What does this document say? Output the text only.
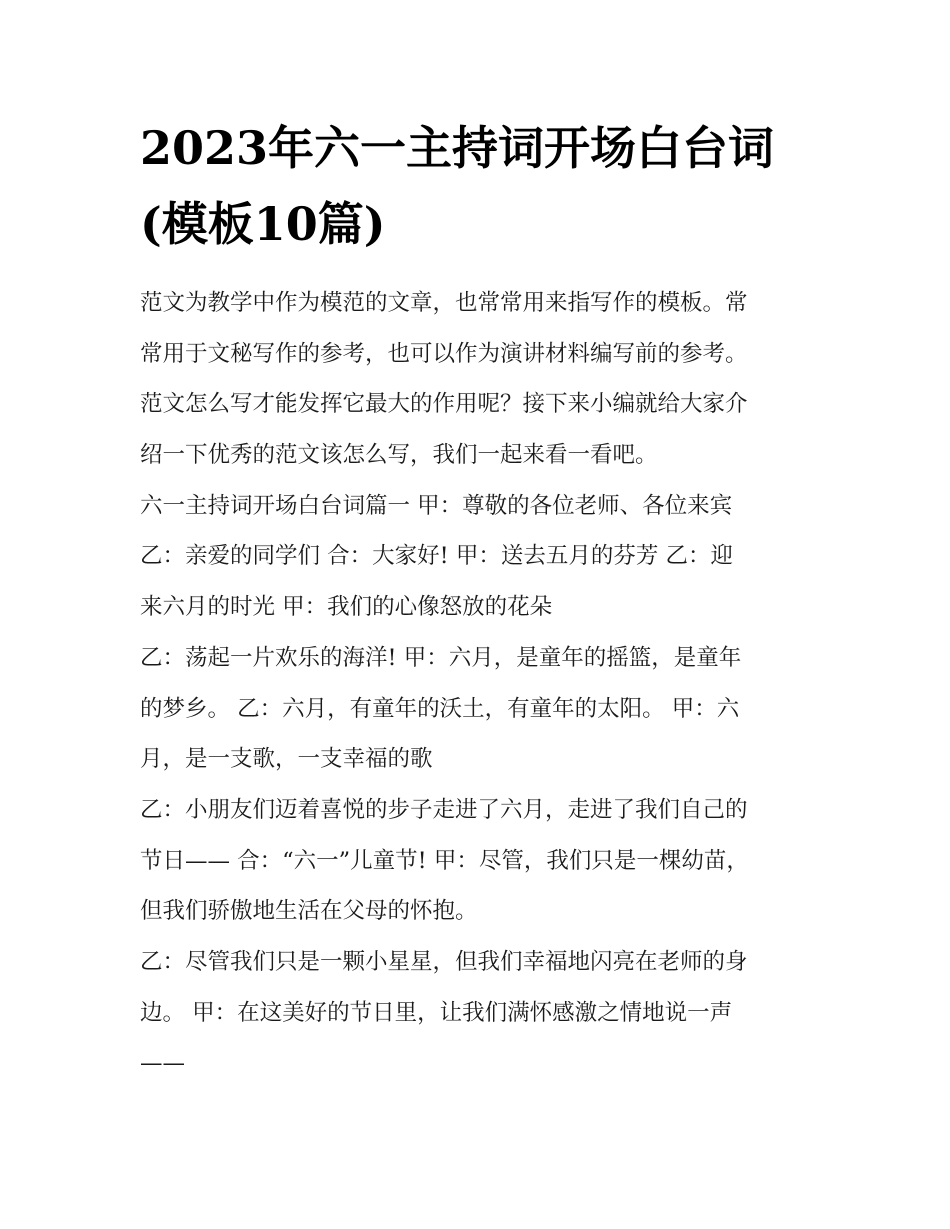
2023年六一主持词开场白台词
(模板10篇)
范文为教学中作为模范的文章，也常常用来指写作的模板。常
常用于文秘写作的参考，也可以作为演讲材料编写前的参考。
范文怎么写才能发挥它最大的作用呢？接下来小编就给大家介
绍一下优秀的范文该怎么写，我们一起来看一看吧。
六一主持词开场白台词篇一 甲：尊敬的各位老师、各位来宾
乙：亲爱的同学们 合：大家好! 甲：送去五月的芬芳 乙：迎
来六月的时光 甲：我们的心像怒放的花朵
乙：荡起一片欢乐的海洋! 甲：六月，是童年的摇篮，是童年
的梦乡。 乙：六月，有童年的沃土，有童年的太阳。 甲：六
月，是一支歌，一支幸福的歌
乙：小朋友们迈着喜悦的步子走进了六月，走进了我们自己的
节日—— 合：“六一”儿童节! 甲：尽管，我们只是一棵幼苗，
但我们骄傲地生活在父母的怀抱。
乙：尽管我们只是一颗小星星，但我们幸福地闪亮在老师的身
边。 甲：在这美好的节日里，让我们满怀感激之情地说一声
——
